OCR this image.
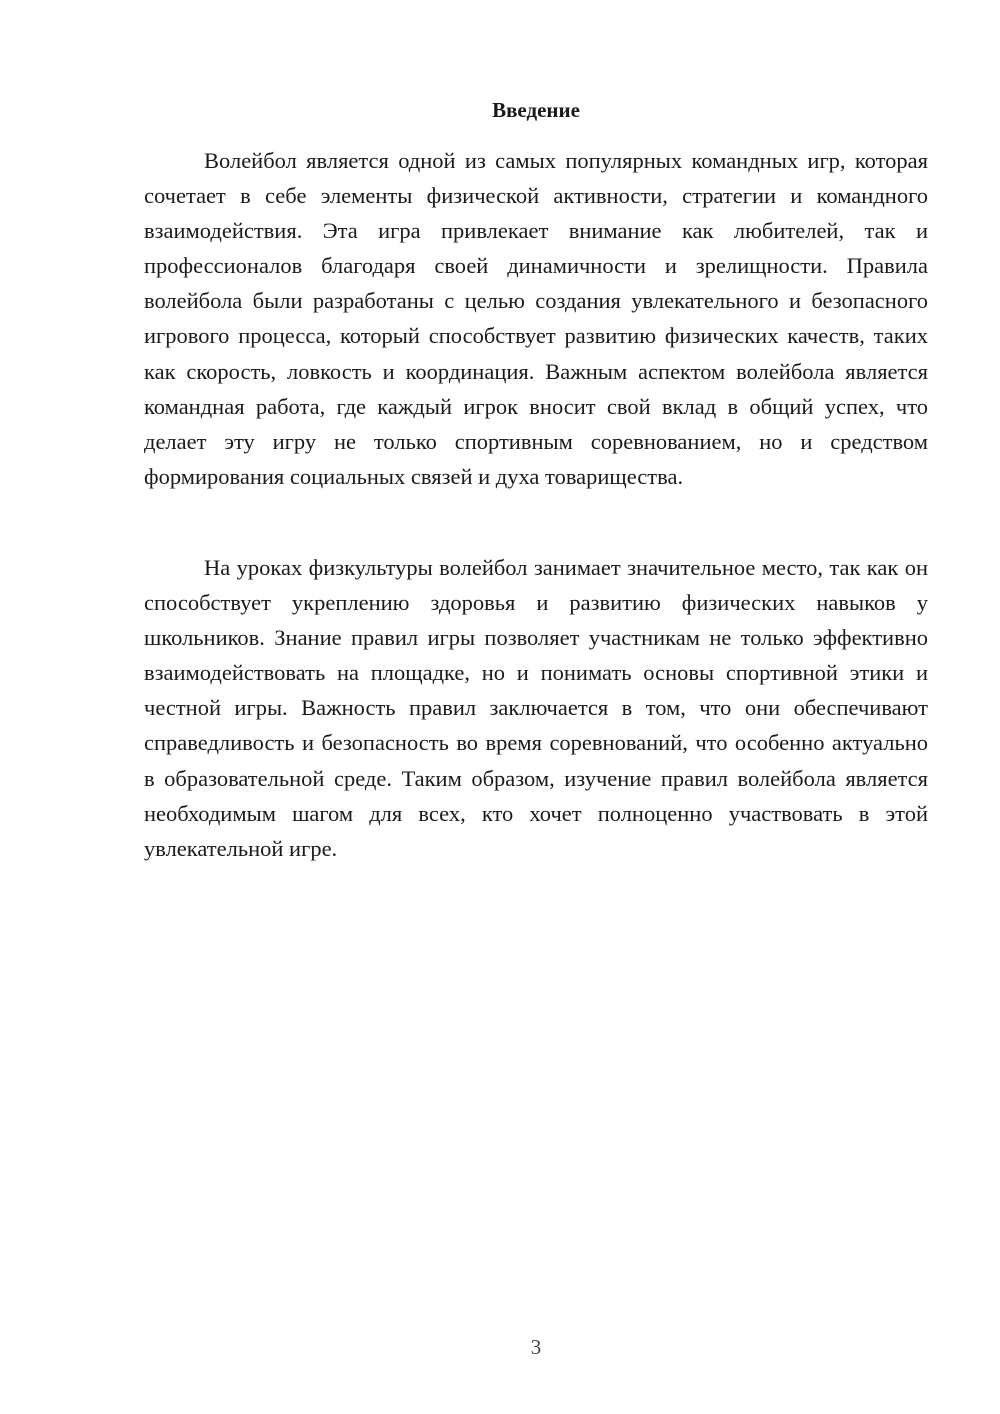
Введение

Волейбол является одной из самых популярных командных игр, которая сочетает в себе элементы физической активности, стратегии и командного взаимодействия. Эта игра привлекает внимание как любителей, так и профессионалов благодаря своей динамичности и зрелищности. Правила волейбола были разработаны с целью создания увлекательного и безопасного игрового процесса, который способствует развитию физических качеств, таких как скорость, ловкость и координация. Важным аспектом волейбола является командная работа, где каждый игрок вносит свой вклад в общий успех, что делает эту игру не только спортивным соревнованием, но и средством формирования социальных связей и духа товарищества.

На уроках физкультуры волейбол занимает значительное место, так как он способствует укреплению здоровья и развитию физических навыков у школьников. Знание правил игры позволяет участникам не только эффективно взаимодействовать на площадке, но и понимать основы спортивной этики и честной игры. Важность правил заключается в том, что они обеспечивают справедливость и безопасность во время соревнований, что особенно актуально в образовательной среде. Таким образом, изучение правил волейбола является необходимым шагом для всех, кто хочет полноценно участвовать в этой увлекательной игре.

3
